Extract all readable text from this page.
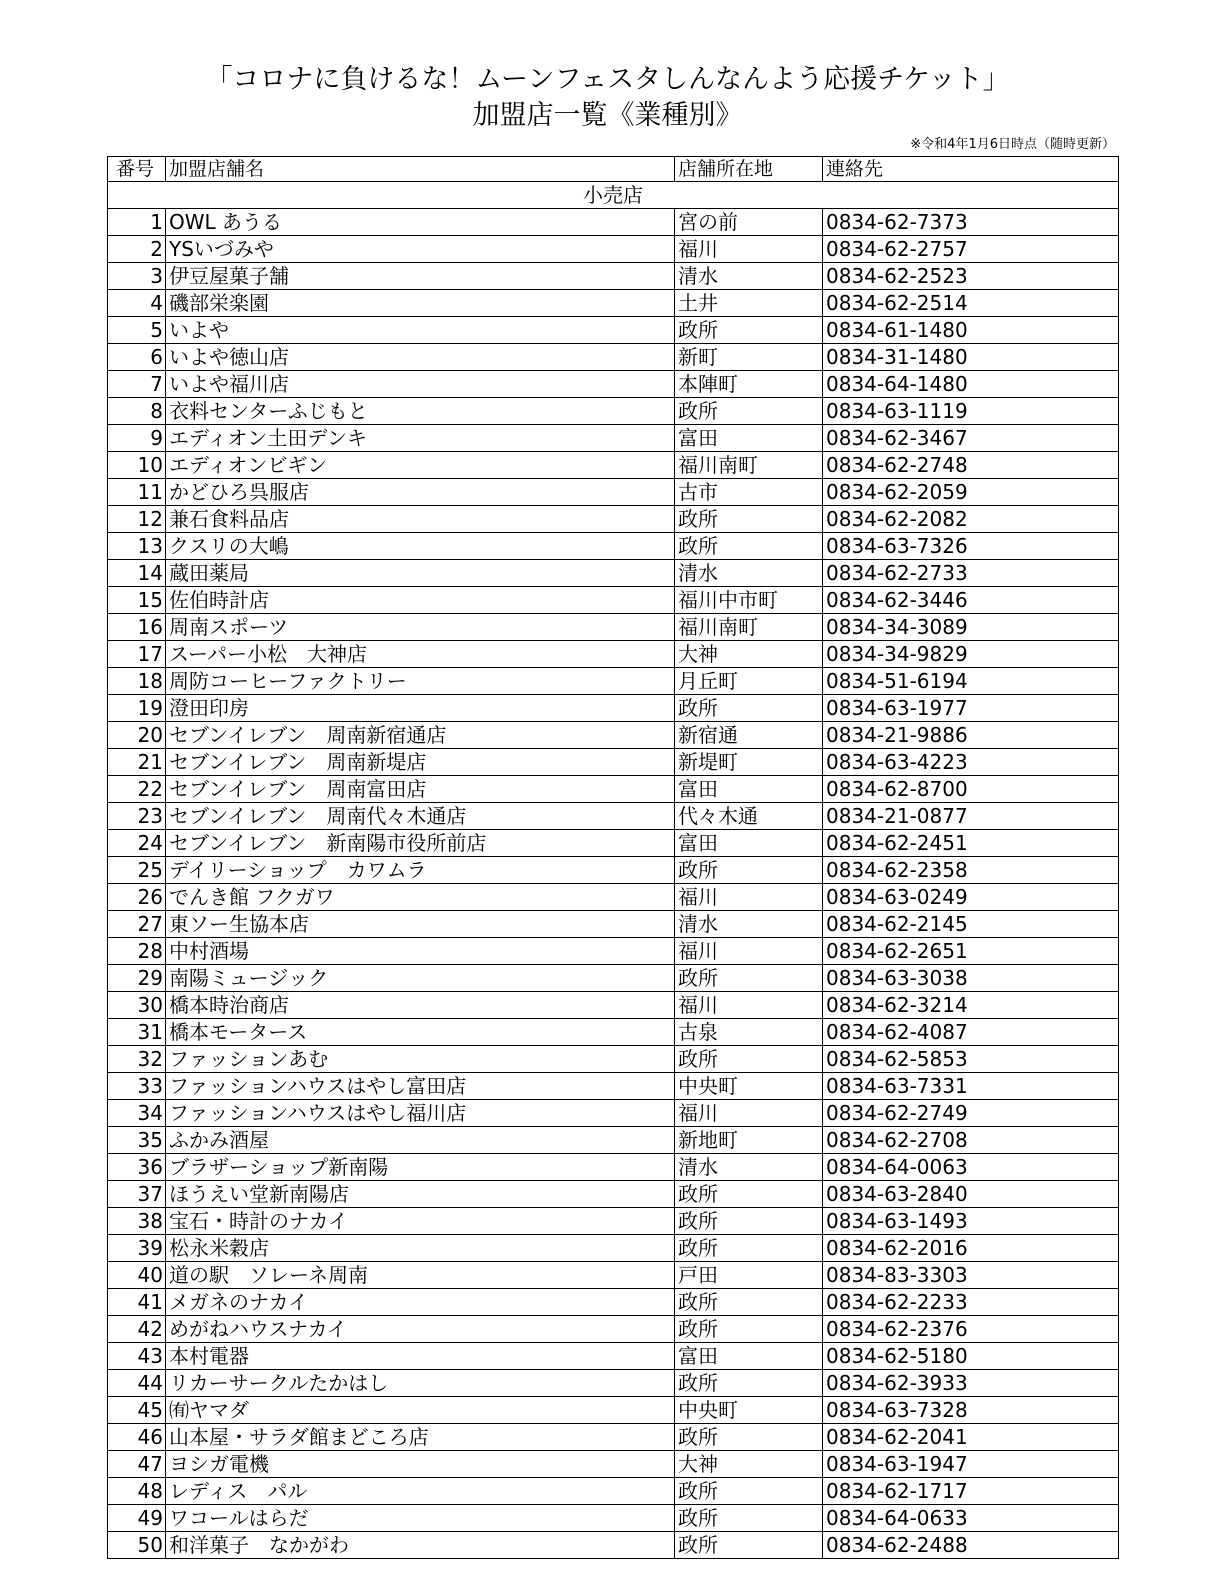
「コロナに負けるな！ムーンフェスタしんなんよう応援チケット」
加盟店一覧《業種別》
※令和4年1月6日時点（随時更新）
番号	加盟店舗名	店舗所在地	連絡先
小売店			
1	OWL あうる	宮の前	0834-62-7373
2	YSいづみや	福川	0834-62-2757
3	伊豆屋菓子舗	清水	0834-62-2523
4	磯部栄楽園	土井	0834-62-2514
5	いよや	政所	0834-61-1480
6	いよや徳山店	新町	0834-31-1480
7	いよや福川店	本陣町	0834-64-1480
8	衣料センターふじもと	政所	0834-63-1119
9	エディオン土田デンキ	富田	0834-62-3467
10	エディオンビギン	福川南町	0834-62-2748
11	かどひろ呉服店	古市	0834-62-2059
12	兼石食料品店	政所	0834-62-2082
13	クスリの大嶋	政所	0834-63-7326
14	蔵田薬局	清水	0834-62-2733
15	佐伯時計店	福川中市町	0834-62-3446
16	周南スポーツ	福川南町	0834-34-3089
17	スーパー小松　大神店	大神	0834-34-9829
18	周防コーヒーファクトリー	月丘町	0834-51-6194
19	澄田印房	政所	0834-63-1977
20	セブンイレブン　周南新宿通店	新宿通	0834-21-9886
21	セブンイレブン　周南新堤店	新堤町	0834-63-4223
22	セブンイレブン　周南富田店	富田	0834-62-8700
23	セブンイレブン　周南代々木通店	代々木通	0834-21-0877
24	セブンイレブン　新南陽市役所前店	富田	0834-62-2451
25	デイリーショップ　カワムラ	政所	0834-62-2358
26	でんき館 フクガワ	福川	0834-63-0249
27	東ソー生協本店	清水	0834-62-2145
28	中村酒場	福川	0834-62-2651
29	南陽ミュージック	政所	0834-63-3038
30	橋本時治商店	福川	0834-62-3214
31	橋本モータース	古泉	0834-62-4087
32	ファッションあむ	政所	0834-62-5853
33	ファッションハウスはやし富田店	中央町	0834-63-7331
34	ファッションハウスはやし福川店	福川	0834-62-2749
35	ふかみ酒屋	新地町	0834-62-2708
36	ブラザーショップ新南陽	清水	0834-64-0063
37	ほうえい堂新南陽店	政所	0834-63-2840
38	宝石・時計のナカイ	政所	0834-63-1493
39	松永米穀店	政所	0834-62-2016
40	道の駅　ソレーネ周南	戸田	0834-83-3303
41	メガネのナカイ	政所	0834-62-2233
42	めがねハウスナカイ	政所	0834-62-2376
43	本村電器	富田	0834-62-5180
44	リカーサークルたかはし	政所	0834-62-3933
45	㈲ヤマダ	中央町	0834-63-7328
46	山本屋・サラダ館まどころ店	政所	0834-62-2041
47	ヨシガ電機	大神	0834-63-1947
48	レディス　パル	政所	0834-62-1717
49	ワコールはらだ	政所	0834-64-0633
50	和洋菓子　なかがわ	政所	0834-62-2488
